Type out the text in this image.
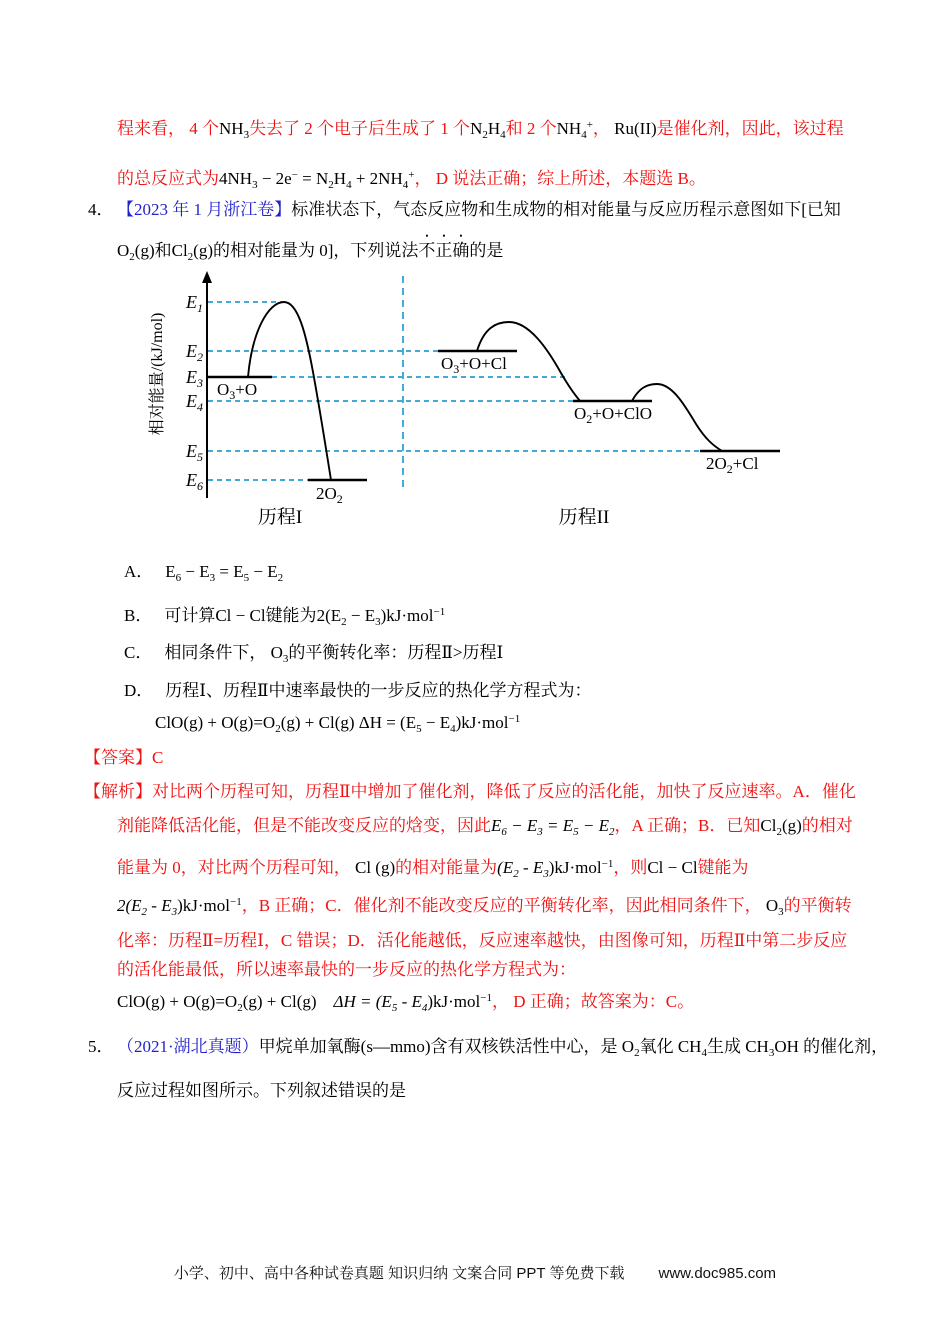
程来看， 4 个$NH_3$失去了 2 个电子后生成了 1 个$N_2H_4$和 2 个$NH_4^+$， Ru(II)是催化剂，因此，该过程
的总反应式为$4NH_3 - 2e^- = N_2H_4 + 2NH_4^+$， D 说法正确；综上所述，本题选 B。
4． 【2023 年 1 月浙江卷】标准状态下，气态反应物和生成物的相对能量与反应历程示意图如下[已知
$O_2(g)$和$Cl_2(g)$的相对能量为 0]，下列说法不正确的是
相对能量/(kJ/mol)
$E_1$
$E_2$
$E_3$
$E_4$
$E_5$
$E_6$
$O_3+O$
$2O_2$
$O_3+O+Cl$
$O_2+O+ClO$
$2O_2+Cl$
历程I	历程II
A． $E_6 - E_3 = E_5 - E_2$
B． 可计算Cl − Cl键能为$2(E_2 - E_3)kJ\cdot mol^{-1}$
C． 相同条件下， $O_3$的平衡转化率：历程Ⅱ>历程Ⅰ
D． 历程Ⅰ、历程Ⅱ中速率最快的一步反应的热化学方程式为：
$ClO(g) + O(g)=O_2(g) + Cl(g) \Delta H = (E_5 - E_4)kJ\cdot mol^{-1}$
【答案】C
【解析】对比两个历程可知，历程Ⅱ中增加了催化剂，降低了反应的活化能，加快了反应速率。A．催化
剂能降低活化能，但是不能改变反应的焓变，因此$E_6 - E_3 = E_5 - E_2$，A 正确；B．已知$Cl_2(g)$的相对
能量为 0，对比两个历程可知， Cl (g)的相对能量为$(E_2 - E_3)kJ\cdot mol^{-1}$，则Cl − Cl键能为
$2(E_2 - E_3)kJ\cdot mol^{-1}$，B 正确；C．催化剂不能改变反应的平衡转化率，因此相同条件下， $O_3$的平衡转
化率：历程Ⅱ=历程Ⅰ，C 错误；D．活化能越低，反应速率越快，由图像可知，历程Ⅱ中第二步反应
的活化能最低，所以速率最快的一步反应的热化学方程式为：
$ClO(g) + O(g)=O_2(g) + Cl(g)$　$\Delta H = (E_5 - E_4)kJ\cdot mol^{-1}$， D 正确；故答案为：C。
5． （2021·湖北真题）甲烷单加氧酶(s—mmo)含有双核铁活性中心，是 $O_2$氧化 $CH_4$生成 $CH_3OH$ 的催化剂，
反应过程如图所示。下列叙述错误的是
小学、初中、高中各种试卷真题 知识归纳 文案合同 PPT 等免费下载 www.doc985.com
